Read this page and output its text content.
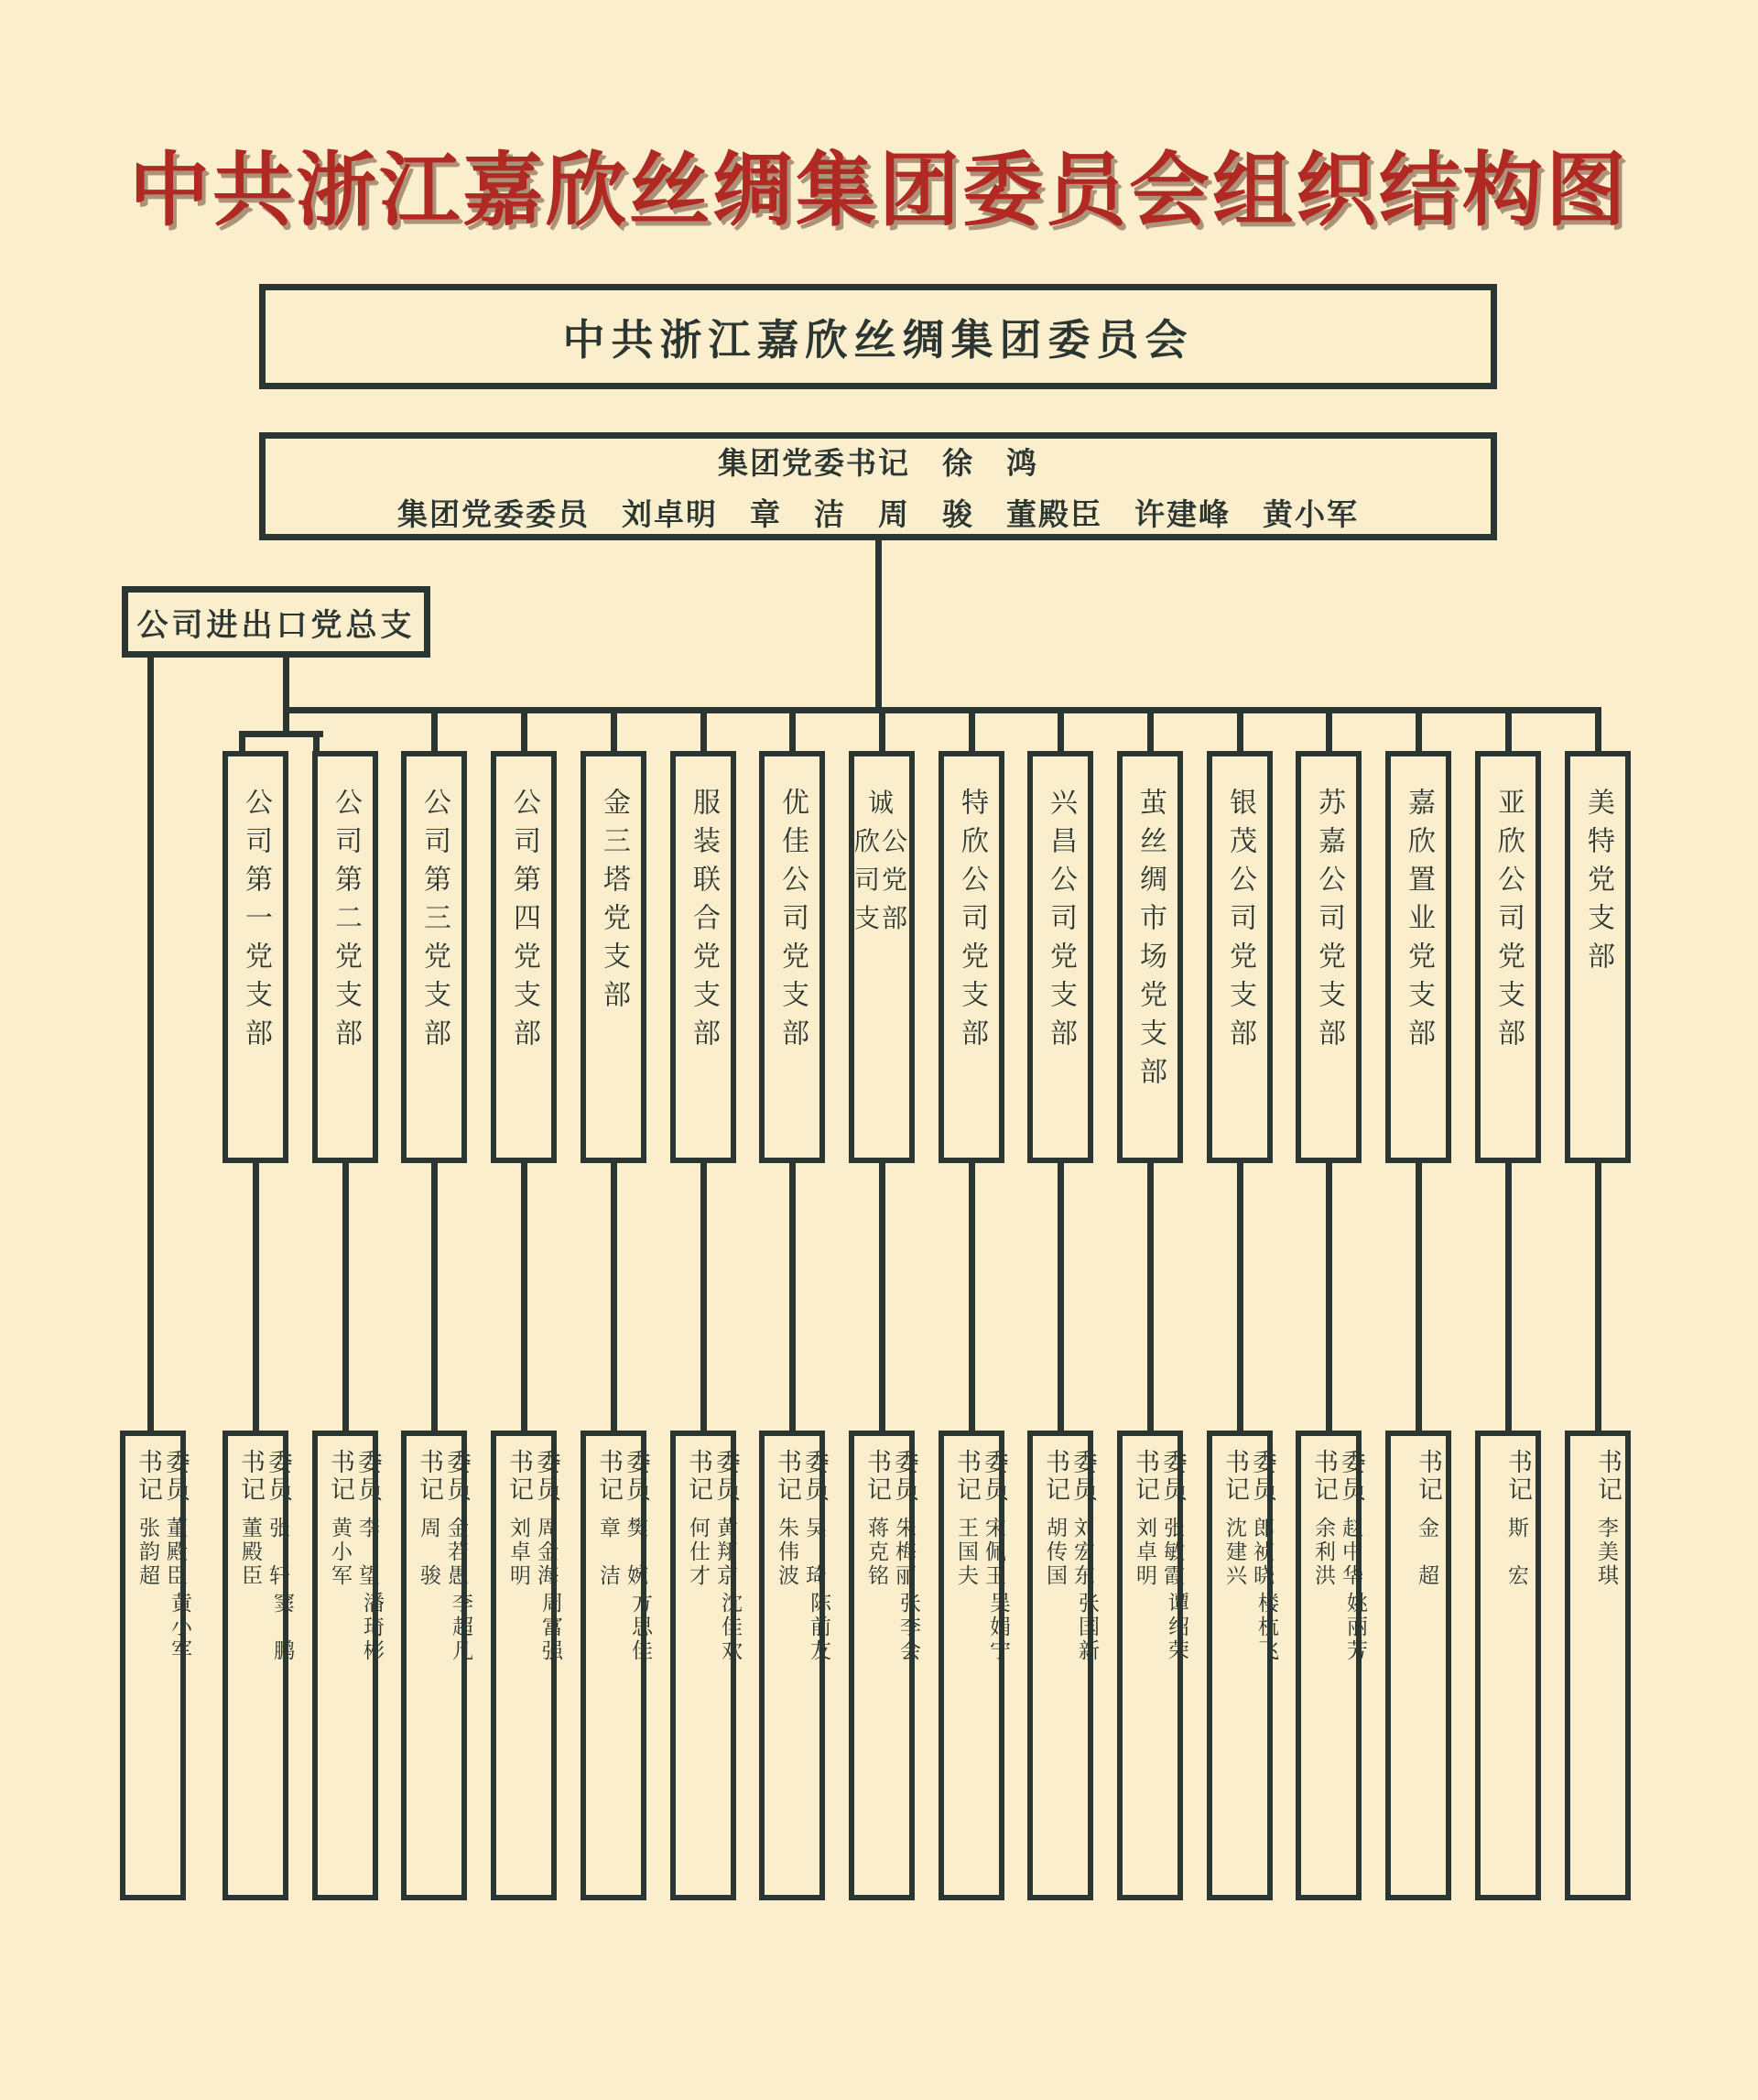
中共浙江嘉欣丝绸集团委员会组织结构图
中共浙江嘉欣丝绸集团委员会
集团党委书记　徐　鸿
集团党委委员　刘卓明　章　洁　周　骏　董殿臣　许建峰　黄小军
公司进出口党总支
公司第一党支部 公司第二党支部 公司第三党支部 公司第四党支部 金三塔党支部 服装联合党支部 优佳公司党支部	诚
欣公
司党
支部 特欣公司党支部 兴昌公司党支部 茧丝绸市场党支部 银茂公司党支部 苏嘉公司党支部 嘉欣置业党支部 亚欣公司党支部 美特党支部
书记
张韵超
委员
董殿臣
黄小军
书记
董殿臣
委员
张　轩
窦　鹏
书记
黄小军
委员
李　望
潘琦彬
书记
周　骏
委员
金若愚
李超凡
书记
刘卓明
委员
周金海
周富强
书记
章　洁
委员
樊　婉
方思佳
书记
何仕才
委员
黄翔京
沈佳欢
书记
朱伟波
委员
吴　琦
陈前友
书记
蒋克铭
委员
朱梅丽
张李会
书记
王国夫
委员
宋佩玉
吴娟宁
书记
胡传国
委员
刘宏东
张国新
书记
刘卓明
委员
张敏霞
谭绍荣
书记
沈建兴
委员
郎祯晓
楼杭飞
书记
余利洪
委员
赵中华
姚丽芳
书记
金　超
书记
斯　宏
书记
李美琪
